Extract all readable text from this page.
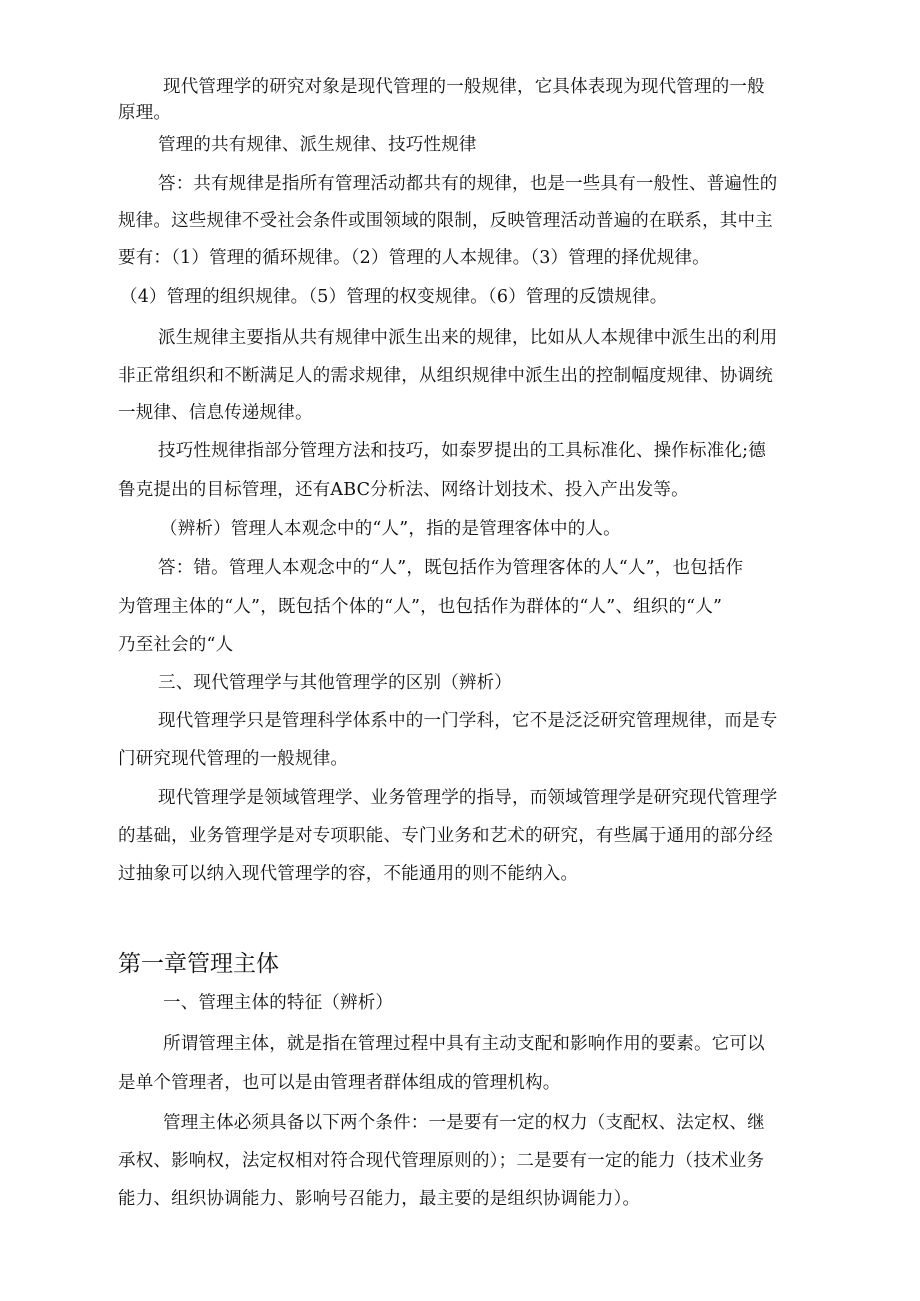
现代管理学的研究对象是现代管理的一般规律，它具体表现为现代管理的一般
原理。
管理的共有规律、派生规律、技巧性规律
答：共有规律是指所有管理活动都共有的规律，也是一些具有一般性、普遍性的
规律。这些规律不受社会条件或围领域的限制，反映管理活动普遍的在联系，其中主
要有：（1）管理的循环规律。（2）管理的人本规律。（3）管理的择优规律。
（4）管理的组织规律。（5）管理的权变规律。（6）管理的反馈规律。
派生规律主要指从共有规律中派生出来的规律，比如从人本规律中派生出的利用
非正常组织和不断满足人的需求规律，从组织规律中派生出的控制幅度规律、协调统
一规律、信息传递规律。
技巧性规律指部分管理方法和技巧，如泰罗提出的工具标准化、操作标准化;德
鲁克提出的目标管理，还有ABC分析法、网络计划技术、投入产出发等。
（辨析）管理人本观念中的“人”，指的是管理客体中的人。
答：错。管理人本观念中的“人”，既包括作为管理客体的人“人”，也包括作
为管理主体的“人”，既包括个体的“人”，也包括作为群体的“人”、组织的“人”
乃至社会的“人
三、现代管理学与其他管理学的区别（辨析）
现代管理学只是管理科学体系中的一门学科，它不是泛泛研究管理规律，而是专
门研究现代管理的一般规律。
现代管理学是领域管理学、业务管理学的指导，而领域管理学是研究现代管理学
的基础，业务管理学是对专项职能、专门业务和艺术的研究，有些属于通用的部分经
过抽象可以纳入现代管理学的容，不能通用的则不能纳入。
第一章管理主体
一、管理主体的特征（辨析）
所谓管理主体，就是指在管理过程中具有主动支配和影响作用的要素。它可以
是单个管理者，也可以是由管理者群体组成的管理机构。
管理主体必须具备以下两个条件：一是要有一定的权力（支配权、法定权、继
承权、影响权，法定权相对符合现代管理原则的）；二是要有一定的能力（技术业务
能力、组织协调能力、影响号召能力，最主要的是组织协调能力）。
